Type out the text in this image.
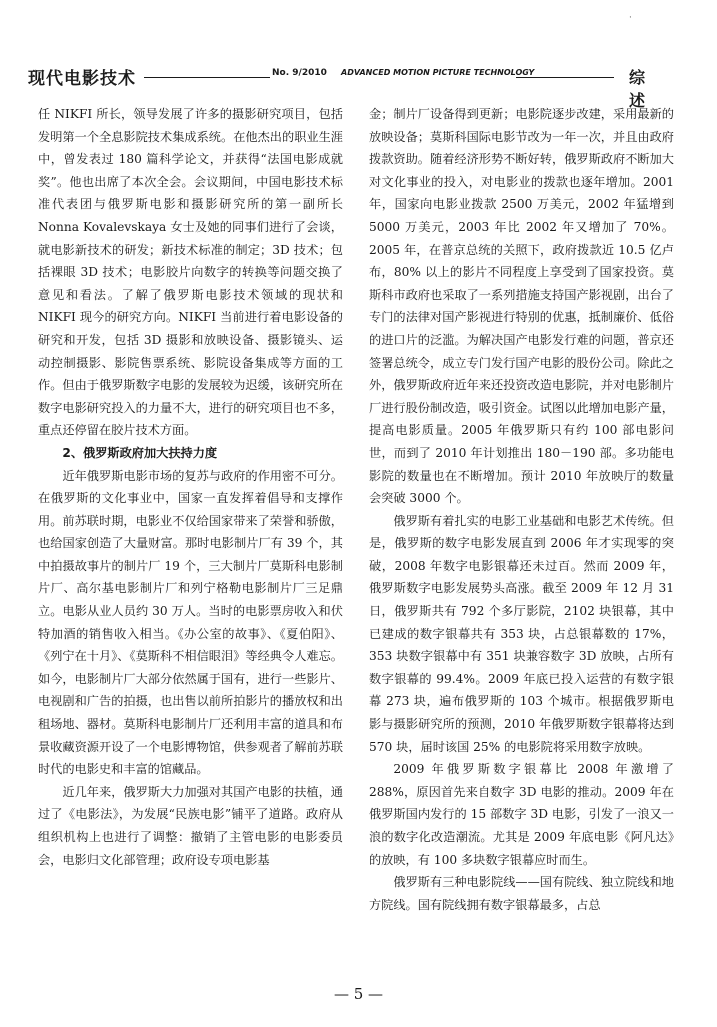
·
现代电影技术	No. 9/2010 ADVANCED MOTION PICTURE TECHNOLOGY	综 述

任 NIKFI 所长，领导发展了许多的摄影研究项目，包括发明第一个全息影院技术集成系统。在他杰出的职业生涯中，曾发表过 180 篇科学论文，并获得“法国电影成就奖”。他也出席了本次全会。会议期间，中国电影技术标准代表团与俄罗斯电影和摄影研究所的第一副所长 Nonna Kovalevskaya 女士及她的同事们进行了会谈，就电影新技术的研发；新技术标准的制定；3D 技术；包括裸眼 3D 技术；电影胶片向数字的转换等问题交换了意见和看法。了解了俄罗斯电影技术领域的现状和 NIKFI 现今的研究方向。NIKFI 当前进行着电影设备的研究和开发，包括 3D 摄影和放映设备、摄影镜头、运动控制摄影、影院售票系统、影院设备集成等方面的工作。但由于俄罗斯数字电影的发展较为迟缓，该研究所在数字电影研究投入的力量不大，进行的研究项目也不多，重点还停留在胶片技术方面。

2、俄罗斯政府加大扶持力度

近年俄罗斯电影市场的复苏与政府的作用密不可分。在俄罗斯的文化事业中，国家一直发挥着倡导和支撑作用。前苏联时期，电影业不仅给国家带来了荣誉和骄傲，也给国家创造了大量财富。那时电影制片厂有 39 个，其中拍摄故事片的制片厂 19 个，三大制片厂莫斯科电影制片厂、高尔基电影制片厂和列宁格勒电影制片厂三足鼎立。电影从业人员约 30 万人。当时的电影票房收入和伏特加酒的销售收入相当。《办公室的故事》、《夏伯阳》、《列宁在十月》、《莫斯科不相信眼泪》等经典令人难忘。如今，电影制片厂大部分依然属于国有，进行一些影片、电视剧和广告的拍摄，也出售以前所拍影片的播放权和出租场地、器材。莫斯科电影制片厂还利用丰富的道具和布景收藏资源开设了一个电影博物馆，供参观者了解前苏联时代的电影史和丰富的馆藏品。

近几年来，俄罗斯大力加强对其国产电影的扶植，通过了《电影法》，为发展“民族电影”铺平了道路。政府从组织机构上也进行了调整：撤销了主管电影的电影委员会，电影归文化部管理；政府设专项电影基

金；制片厂设备得到更新；电影院逐步改建，采用最新的放映设备；莫斯科国际电影节改为一年一次，并且由政府拨款资助。随着经济形势不断好转，俄罗斯政府不断加大对文化事业的投入，对电影业的拨款也逐年增加。2001 年，国家向电影业拨款 2500 万美元，2002 年猛增到 5000 万美元，2003 年比 2002 年又增加了 70%。2005 年，在普京总统的关照下，政府拨款近 10.5 亿卢布，80% 以上的影片不同程度上享受到了国家投资。莫斯科市政府也采取了一系列措施支持国产影视剧，出台了专门的法律对国产影视进行特别的优惠，抵制廉价、低俗的进口片的泛滥。为解决国产电影发行难的问题，普京还签署总统令，成立专门发行国产电影的股份公司。除此之外，俄罗斯政府近年来还投资改造电影院，并对电影制片厂进行股份制改造，吸引资金。试图以此增加电影产量，提高电影质量。2005 年俄罗斯只有约 100 部电影问世，而到了 2010 年计划推出 180－190 部。多功能电影院的数量也在不断增加。预计 2010 年放映厅的数量会突破 3000 个。

俄罗斯有着扎实的电影工业基础和电影艺术传统。但是，俄罗斯的数字电影发展直到 2006 年才实现零的突破，2008 年数字电影银幕还未过百。然而 2009 年，俄罗斯数字电影发展势头高涨。截至 2009 年 12 月 31 日，俄罗斯共有 792 个多厅影院，2102 块银幕，其中已建成的数字银幕共有 353 块，占总银幕数的 17%，353 块数字银幕中有 351 块兼容数字 3D 放映，占所有数字银幕的 99.4%。2009 年底已投入运营的有数字银幕 273 块，遍布俄罗斯的 103 个城市。根据俄罗斯电影与摄影研究所的预测，2010 年俄罗斯数字银幕将达到 570 块，届时该国 25% 的电影院将采用数字放映。

2009 年俄罗斯数字银幕比 2008 年激增了 288%，原因首先来自数字 3D 电影的推动。2009 年在俄罗斯国内发行的 15 部数字 3D 电影，引发了一浪又一浪的数字化改造潮流。尤其是 2009 年底电影《阿凡达》的放映，有 100 多块数字银幕应时而生。

俄罗斯有三种电影院线——国有院线、独立院线和地方院线。国有院线拥有数字银幕最多，占总

— 5 —
